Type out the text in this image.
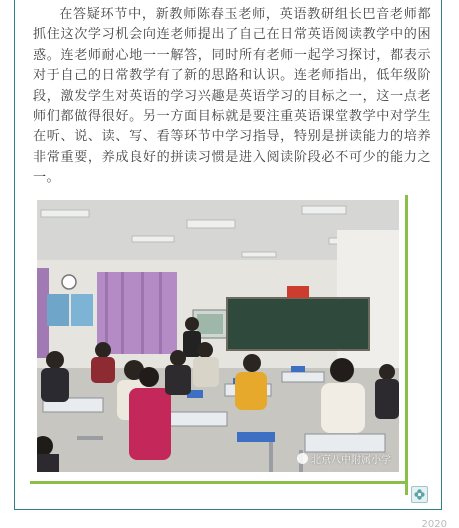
在答疑环节中，新教师陈春玉老师，英语教研组长巴音老师都抓住这次学习机会向连老师提出了自己在日常英语阅读教学中的困惑。连老师耐心地一一解答，同时所有老师一起学习探讨，都表示对于自己的日常教学有了新的思路和认识。连老师指出，低年级阶段，激发学生对英语的学习兴趣是英语学习的目标之一，这一点老师们都做得很好。另一方面目标就是要注重英语课堂教学中对学生在听、说、读、写、看等环节中学习指导，特别是拼读能力的培养非常重要，养成良好的拼读习惯是进入阅读阶段必不可少的能力之一。

北京八中附属小学
2020
